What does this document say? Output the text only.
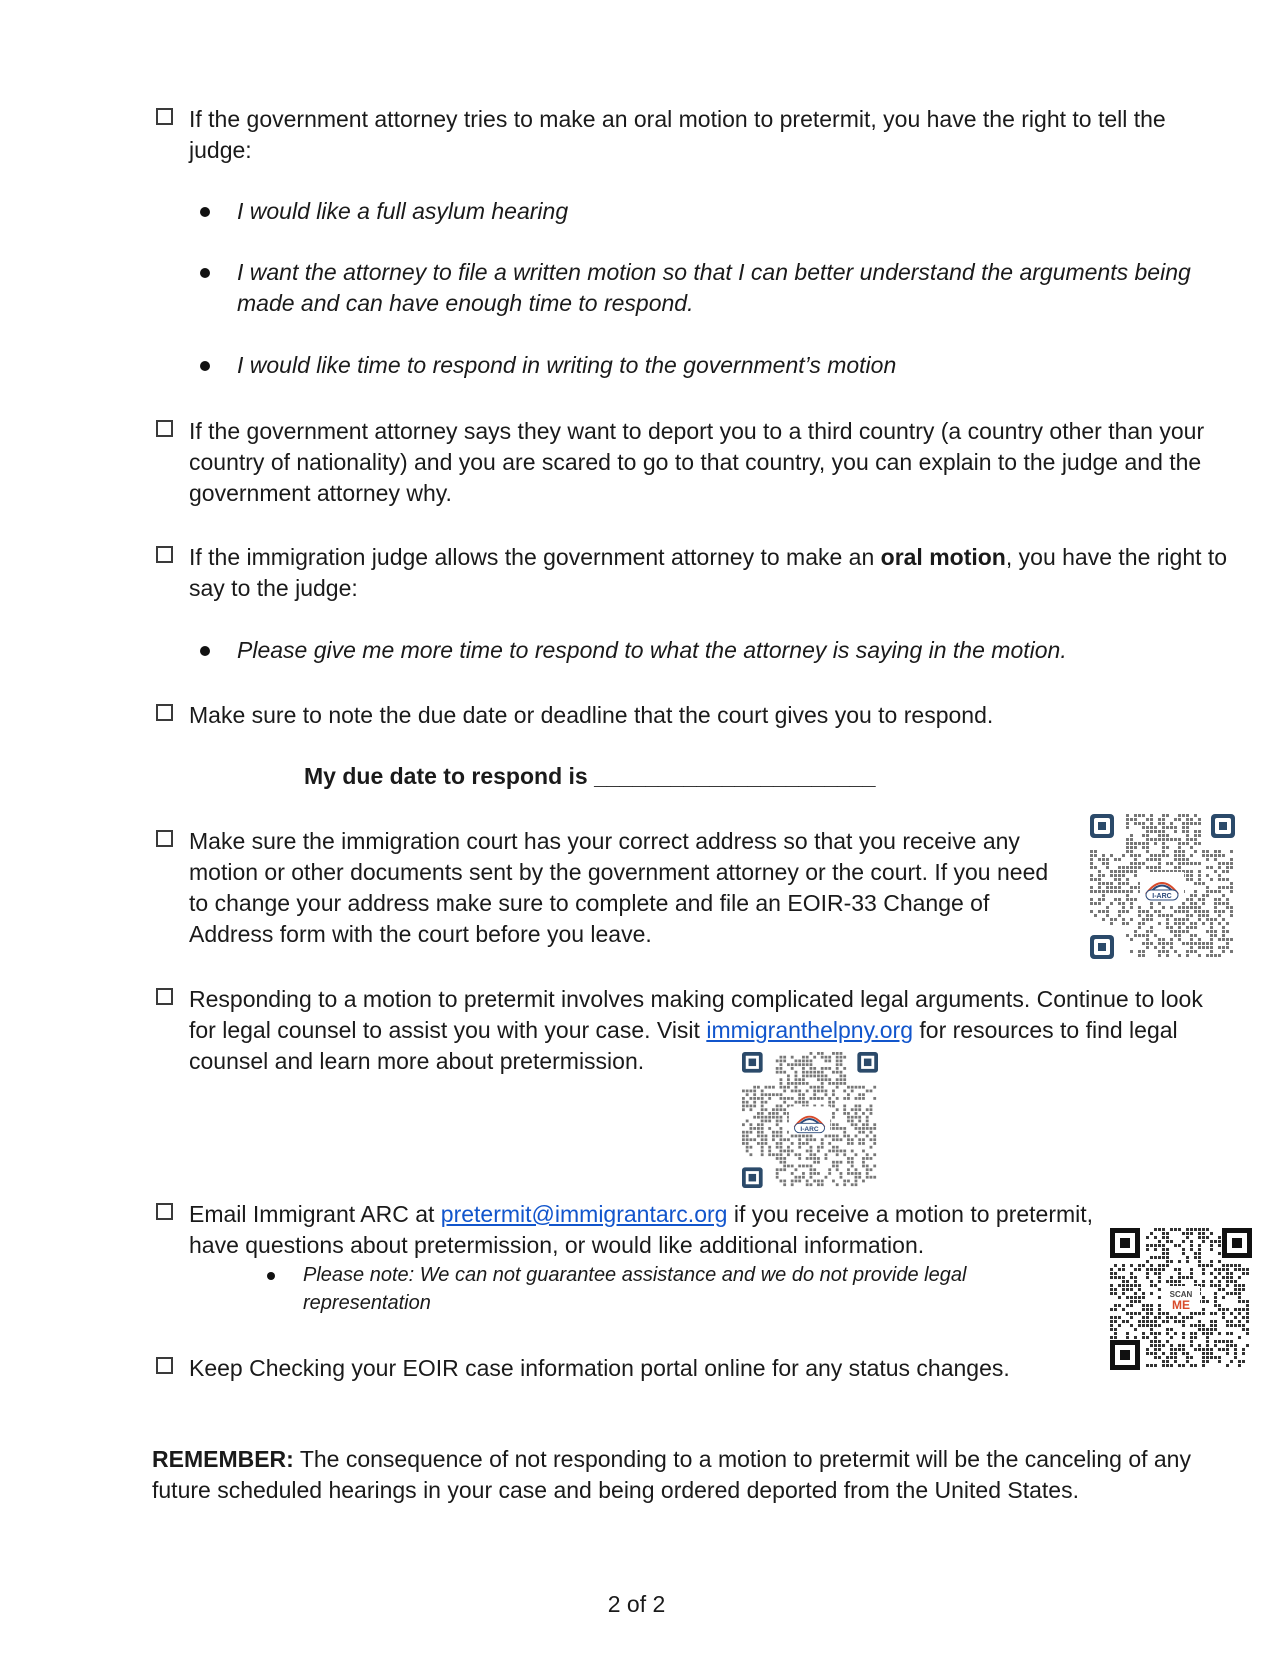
If the government attorney tries to make an oral motion to pretermit, you have the right to tell the judge:
I would like a full asylum hearing
I want the attorney to file a written motion so that I can better understand the arguments being made and can have enough time to respond.
I would like time to respond in writing to the government’s motion
If the government attorney says they want to deport you to a third country (a country other than your country of nationality) and you are scared to go to that country, you can explain to the judge and the government attorney why.
If the immigration judge allows the government attorney to make an oral motion, you have the right to say to the judge:
Please give me more time to respond to what the attorney is saying in the motion.
Make sure to note the due date or deadline that the court gives you to respond.
My due date to respond is ______________________
Make sure the immigration court has your correct address so that you receive any motion or other documents sent by the government attorney or the court. If you need to change your address make sure to complete and file an EOIR-33 Change of Address form with the court before you leave.
I-ARC
Responding to a motion to pretermit involves making complicated legal arguments. Continue to look for legal counsel to assist you with your case. Visit immigranthelpny.org for resources to find legal counsel and learn more about pretermission.
I-ARC
Email Immigrant ARC at pretermit@immigrantarc.org if you receive a motion to pretermit, have questions about pretermission, or would like additional information.
Please note: We can not guarantee assistance and we do not provide legal representation	SCAN
ME
Keep Checking your EOIR case information portal online for any status changes.
REMEMBER: The consequence of not responding to a motion to pretermit will be the canceling of any future scheduled hearings in your case and being ordered deported from the United States.
2 of 2
